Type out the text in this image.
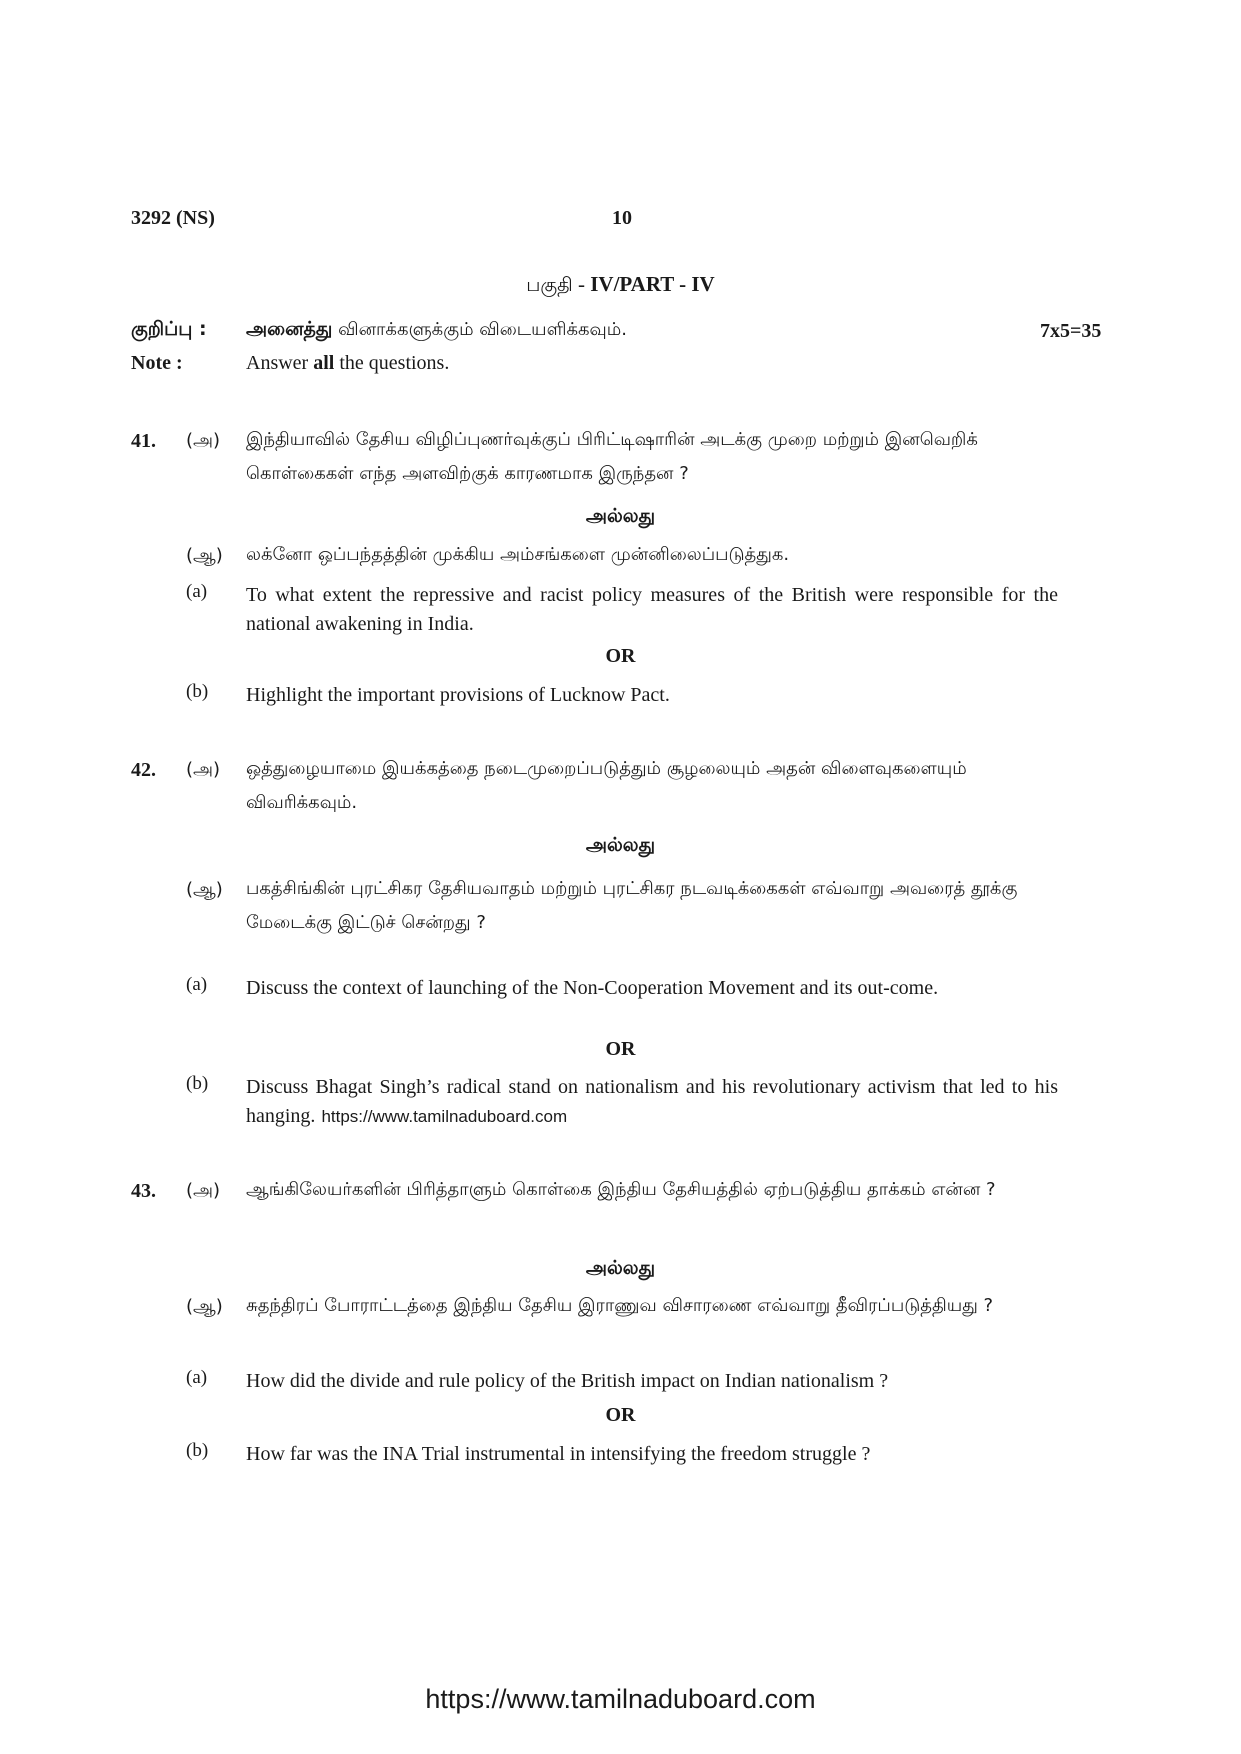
3292 (NS)	10
பகுதி - IV/PART - IV
குறிப்பு : அனைத்து வினாக்களுக்கும் விடையளிக்கவும்.	7x5=35
Note :	Answer all the questions.
41. (அ) இந்தியாவில் தேசிய விழிப்புணர்வுக்குப் பிரிட்டிஷாரின் அடக்கு முறை மற்றும் இனவெறிக் கொள்கைகள் எந்த அளவிற்குக் காரணமாக இருந்தன ?
அல்லது
(ஆ) லக்னோ ஒப்பந்தத்தின் முக்கிய அம்சங்களை முன்னிலைப்படுத்துக.
(a) To what extent the repressive and racist policy measures of the British were responsible for the national awakening in India.
OR
(b) Highlight the important provisions of Lucknow Pact.
42. (அ) ஒத்துழையாமை இயக்கத்தை நடைமுறைப்படுத்தும் சூழலையும் அதன் விளைவுகளையும் விவரிக்கவும்.
அல்லது
(ஆ) பகத்சிங்கின் புரட்சிகர தேசியவாதம் மற்றும் புரட்சிகர நடவடிக்கைகள் எவ்வாறு அவரைத் தூக்கு மேடைக்கு இட்டுச் சென்றது ?
(a) Discuss the context of launching of the Non-Cooperation Movement and its out-come.
OR
(b) Discuss Bhagat Singh’s radical stand on nationalism and his revolutionary activism that led to his hanging. https://www.tamilnaduboard.com
43. (அ) ஆங்கிலேயர்களின் பிரித்தாளும் கொள்கை இந்திய தேசியத்தில் ஏற்படுத்திய தாக்கம் என்ன ?
அல்லது
(ஆ) சுதந்திரப் போராட்டத்தை இந்திய தேசிய இராணுவ விசாரணை எவ்வாறு தீவிரப்படுத்தியது ?
(a) How did the divide and rule policy of the British impact on Indian nationalism ?
OR
(b) How far was the INA Trial instrumental in intensifying the freedom struggle ?
https://www.tamilnaduboard.com
